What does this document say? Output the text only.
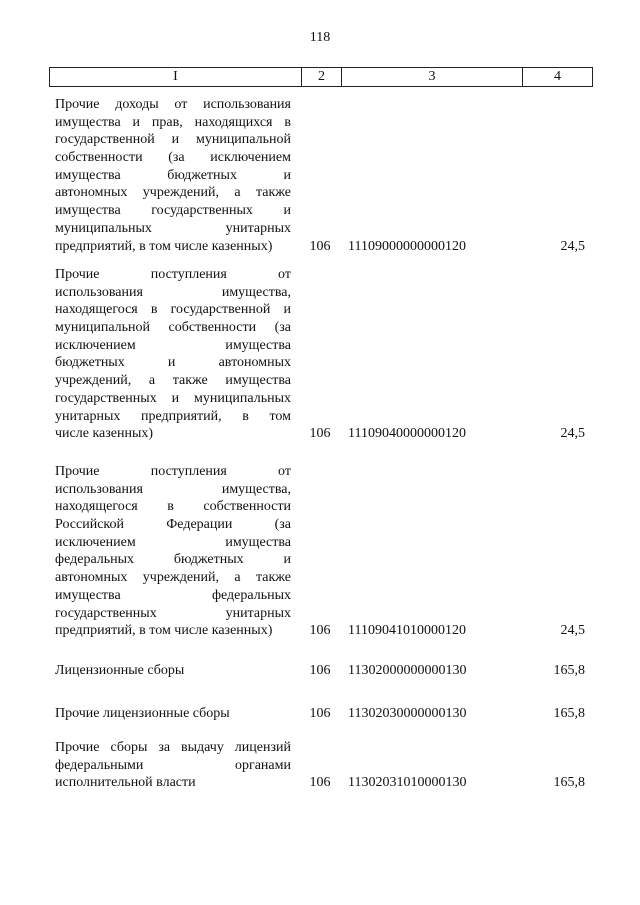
118
I	2	3	4
Прочие доходы от использования
имущества и прав, находящихся в
государственной и муниципальной
собственности (за исключением
имущества бюджетных и
автономных учреждений, а также
имущества государственных и
муниципальных унитарных
предприятий, в том числе казенных)	106	11109000000000120	24,5
Прочие поступления от
использования имущества,
находящегося в государственной и
муниципальной собственности (за
исключением имущества
бюджетных и автономных
учреждений, а также имущества
государственных и муниципальных
унитарных предприятий, в том
числе казенных)	106	11109040000000120	24,5
Прочие поступления от
использования имущества,
находящегося в собственности
Российской Федерации (за
исключением имущества
федеральных бюджетных и
автономных учреждений, а также
имущества федеральных
государственных унитарных
предприятий, в том числе казенных)	106	11109041010000120	24,5
Лицензионные сборы	106	11302000000000130	165,8
Прочие лицензионные сборы	106	11302030000000130	165,8
Прочие сборы за выдачу лицензий
федеральными органами
исполнительной власти	106	11302031010000130	165,8
